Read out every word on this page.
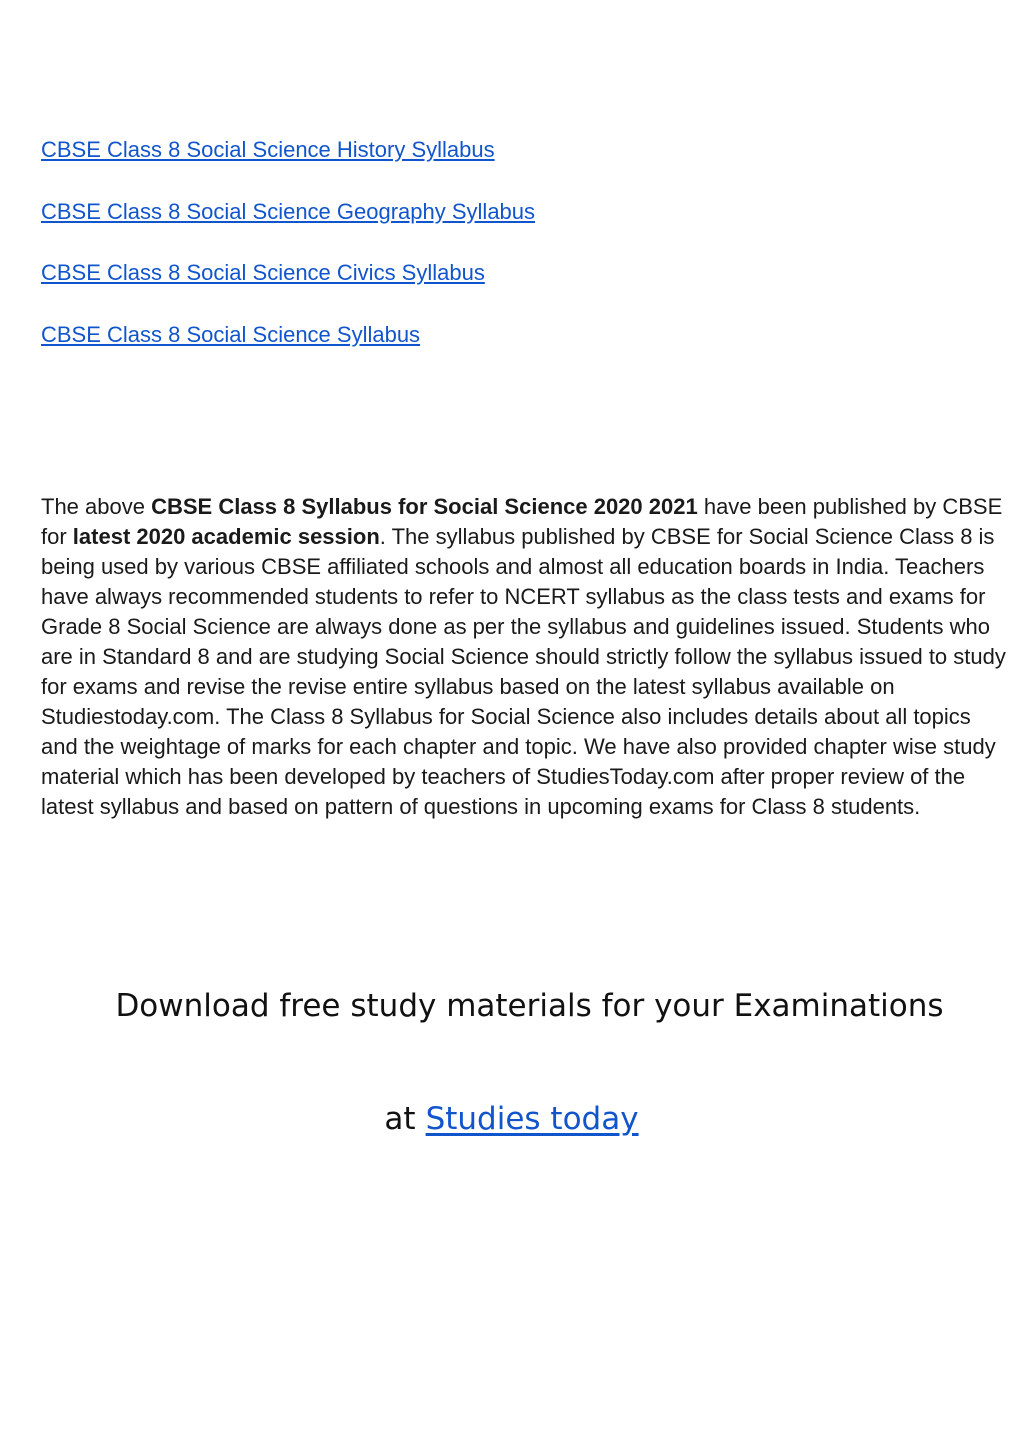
CBSE Class 8 Social Science History Syllabus
CBSE Class 8 Social Science Geography Syllabus
CBSE Class 8 Social Science Civics Syllabus
CBSE Class 8 Social Science Syllabus

The above CBSE Class 8 Syllabus for Social Science 2020 2021 have been published by CBSE for latest 2020 academic session. The syllabus published by CBSE for Social Science Class 8 is being used by various CBSE affiliated schools and almost all education boards in India. Teachers have always recommended students to refer to NCERT syllabus as the class tests and exams for Grade 8 Social Science are always done as per the syllabus and guidelines issued. Students who are in Standard 8 and are studying Social Science should strictly follow the syllabus issued to study for exams and revise the revise entire syllabus based on the latest syllabus available on Studiestoday.com. The Class 8 Syllabus for Social Science also includes details about all topics and the weightage of marks for each chapter and topic. We have also provided chapter wise study material which has been developed by teachers of StudiesToday.com after proper review of the latest syllabus and based on pattern of questions in upcoming exams for Class 8 students.

Download free study materials for your Examinations
at Studies today
